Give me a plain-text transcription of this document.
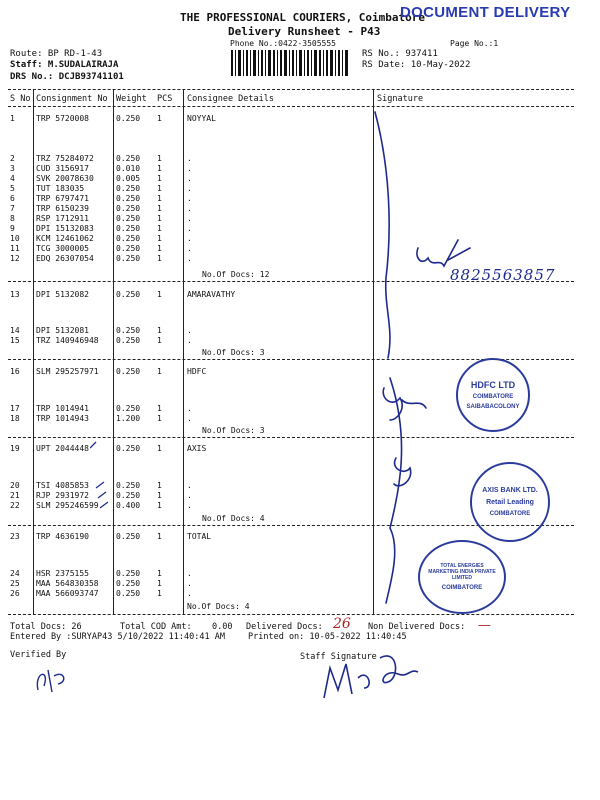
THE PROFESSIONAL COURIERS, Coimbatore
DOCUMENT DELIVERY
Delivery Runsheet - P43
Phone No.:0422-3505555	Page No.:1
Route: BP RD-1-43
Staff: M.SUDALAIRAJA
DRS No.: DCJB93741101
RS No.: 937411
RS Date: 10-May-2022
S No Consignment No Weight PCS Consignee Details	Signature
1	TRP 5720008	0.250 1	NOYYAL
2	TRZ 75284072	0.250 1	.
3	CUD 3156917	0.010 1	.
4	SVK 20078630	0.005 1	.
5	TUT 183035	0.250 1	.
6	TRP 6797471	0.250 1	.
7	TRP 6150239	0.250 1	.
8	RSP 1712911	0.250 1	.
9	DPI 15132083	0.250 1	.
10 KCM 12461062	0.250 1	.
11 TCG 3000005	0.250 1	.
12 EDQ 26307054	0.250 1	.
13 DPI 5132082	0.250 1	AMARAVATHY
14 DPI 5132081	0.250 1	.
15 TRZ 140946948 0.250 1	.
16 SLM 295257971 0.250 1	HDFC
17 TRP 1014941	0.250 1	.
18 TRP 1014943	1.200 1	.
19 UPT 2044448	0.250 1	AXIS
20 TSI 4085853	0.250 1	.
21 RJP 2931972	0.250 1	.
22 SLM 295246599 0.400 1	.
23 TRP 4636190	0.250 1	TOTAL
24 HSR 2375155	0.250 1	.
25 MAA 564830358 0.250 1	.
26 MAA 566093747 0.250 1	.
No.Of Docs: 12
No.Of Docs: 3
No.Of Docs: 3
No.Of Docs: 4
No.Of Docs: 4
8825563857
HDFC LTD
COIMBATORE
SAIBABACOLONY
AXIS BANK LTD.
Retail Leading
COIMBATORE
TOTAL ENERGIES MARKETING INDIA PRIVATE LIMITED
COIMBATORE
Total Docs: 26	Total COD Amt: 0.00 Delivered Docs: 26 Non Delivered Docs: —
Entered By :SURYAP43 5/10/2022 11:40:41 AM	Printed on: 10-05-2022 11:40:45
Verified By	Staff Signature
